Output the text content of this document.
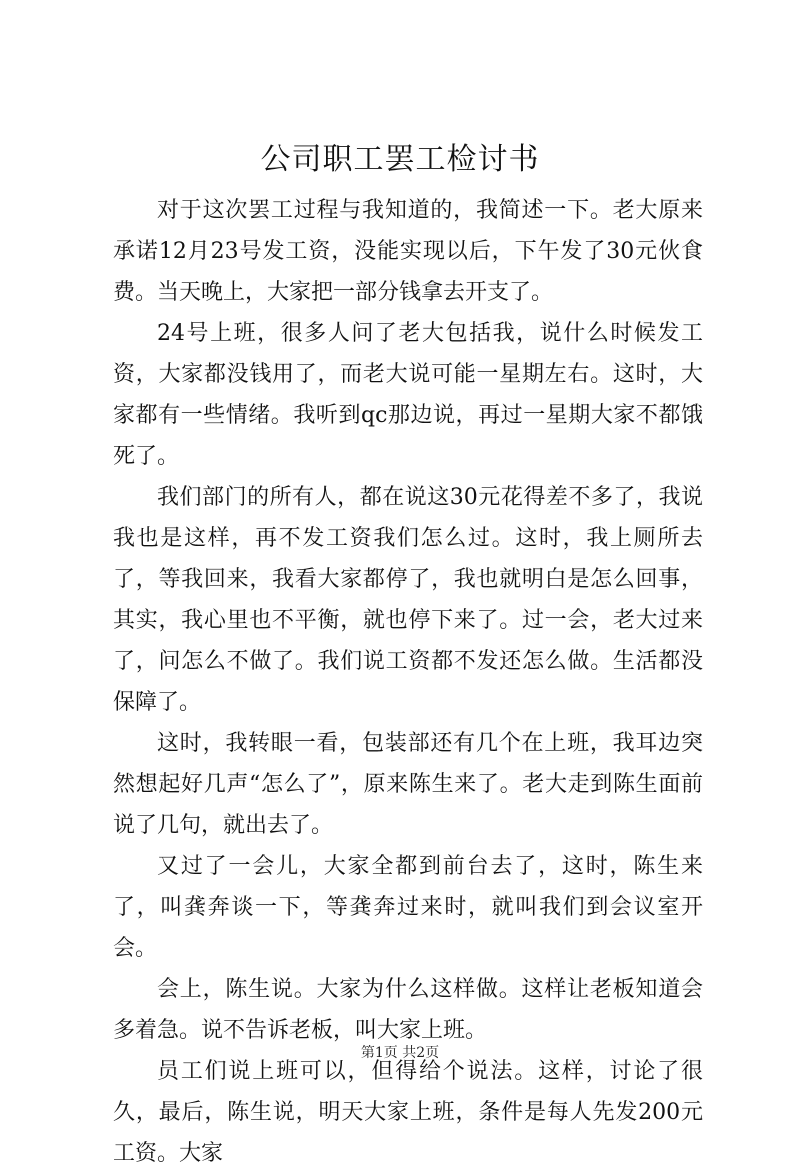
公司职工罢工检讨书

对于这次罢工过程与我知道的，我简述一下。老大原来承诺12月23号发工资，没能实现以后，下午发了30元伙食费。当天晚上，大家把一部分钱拿去开支了。

24号上班，很多人问了老大包括我，说什么时候发工资，大家都没钱用了，而老大说可能一星期左右。这时，大家都有一些情绪。我听到qc那边说，再过一星期大家不都饿死了。

我们部门的所有人，都在说这30元花得差不多了，我说我也是这样，再不发工资我们怎么过。这时，我上厕所去了，等我回来，我看大家都停了，我也就明白是怎么回事，其实，我心里也不平衡，就也停下来了。过一会，老大过来了，问怎么不做了。我们说工资都不发还怎么做。生活都没保障了。

这时，我转眼一看，包装部还有几个在上班，我耳边突然想起好几声“怎么了”，原来陈生来了。老大走到陈生面前说了几句，就出去了。

又过了一会儿，大家全都到前台去了，这时，陈生来了，叫龚奔谈一下，等龚奔过来时，就叫我们到会议室开会。

会上，陈生说。大家为什么这样做。这样让老板知道会多着急。说不告诉老板，叫大家上班。

员工们说上班可以，但得给个说法。这样，讨论了很久，最后，陈生说，明天大家上班，条件是每人先发200元工资。大家

第1页 共2页
